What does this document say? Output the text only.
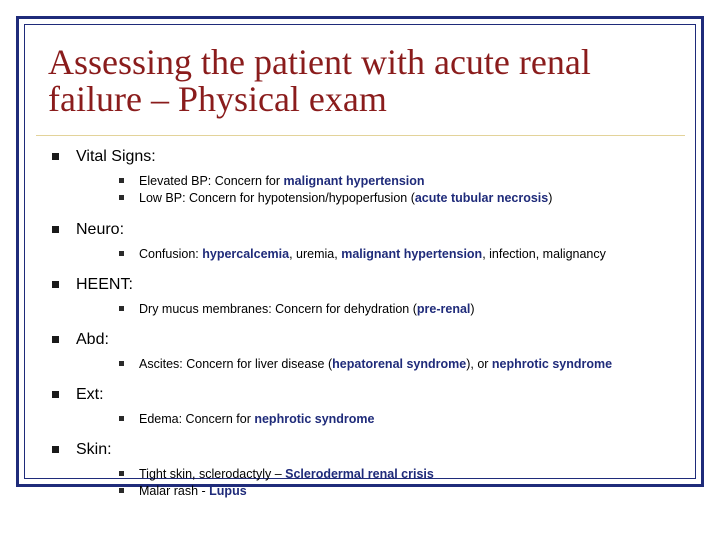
Assessing the patient with acute renal failure – Physical exam
Vital Signs:
Elevated BP: Concern for malignant hypertension
Low BP: Concern for hypotension/hypoperfusion (acute tubular necrosis)
Neuro:
Confusion: hypercalcemia, uremia, malignant hypertension, infection, malignancy
HEENT:
Dry mucus membranes: Concern for dehydration (pre-renal)
Abd:
Ascites: Concern for liver disease (hepatorenal syndrome), or nephrotic syndrome
Ext:
Edema: Concern for nephrotic syndrome
Skin:
Tight skin, sclerodactyly – Sclerodermal renal crisis
Malar rash - Lupus
